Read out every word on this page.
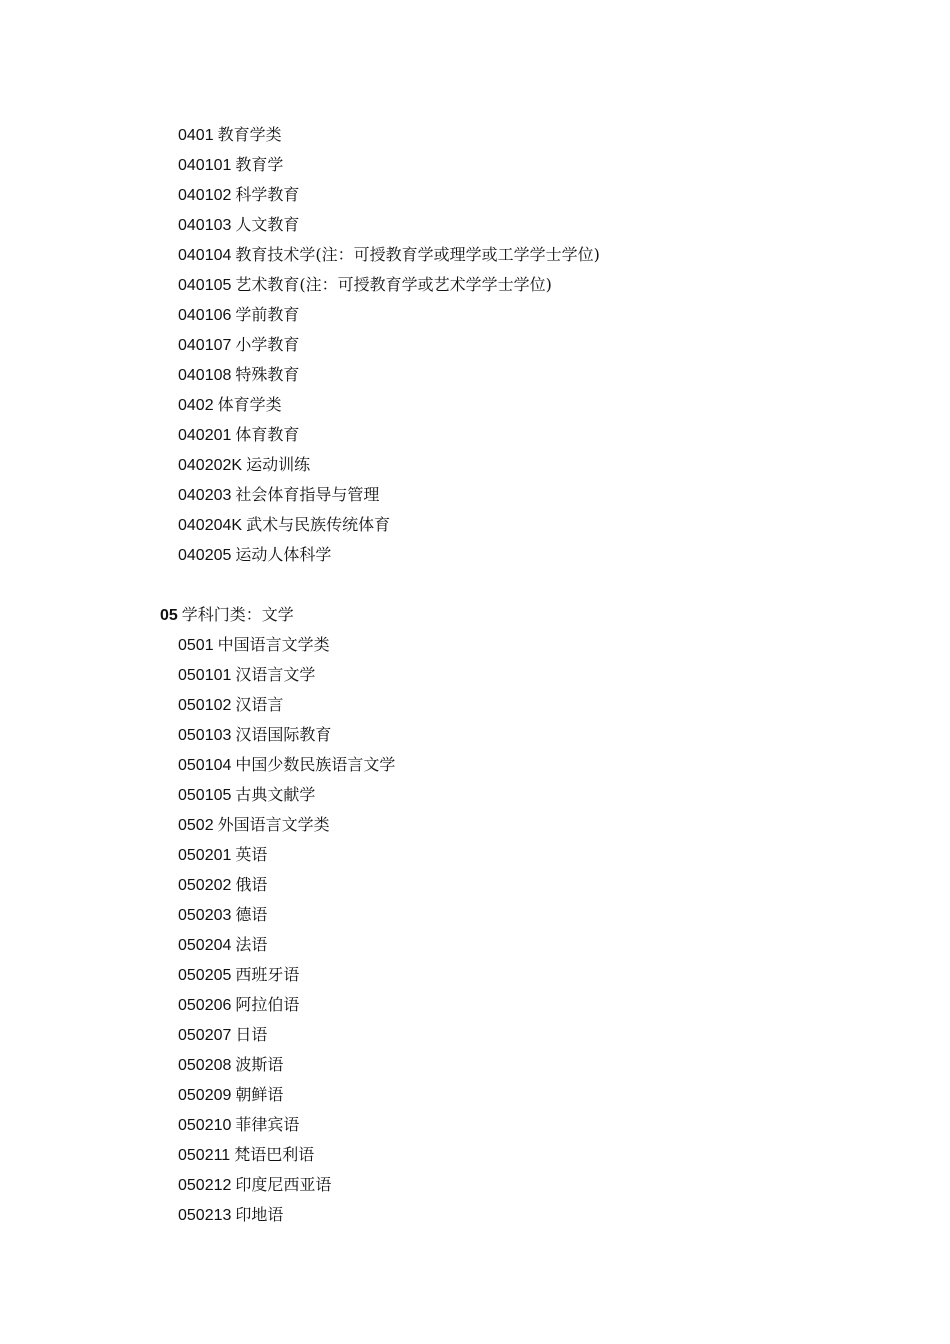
0401 教育学类
040101 教育学
040102 科学教育
040103 人文教育
040104 教育技术学(注：可授教育学或理学或工学学士学位)
040105 艺术教育(注：可授教育学或艺术学学士学位)
040106 学前教育
040107 小学教育
040108 特殊教育
0402 体育学类
040201 体育教育
040202K 运动训练
040203 社会体育指导与管理
040204K 武术与民族传统体育
040205 运动人体科学
05 学科门类：文学
0501 中国语言文学类
050101 汉语言文学
050102 汉语言
050103 汉语国际教育
050104 中国少数民族语言文学
050105 古典文献学
0502 外国语言文学类
050201 英语
050202 俄语
050203 德语
050204 法语
050205 西班牙语
050206 阿拉伯语
050207 日语
050208 波斯语
050209 朝鲜语
050210 菲律宾语
050211 梵语巴利语
050212 印度尼西亚语
050213 印地语
